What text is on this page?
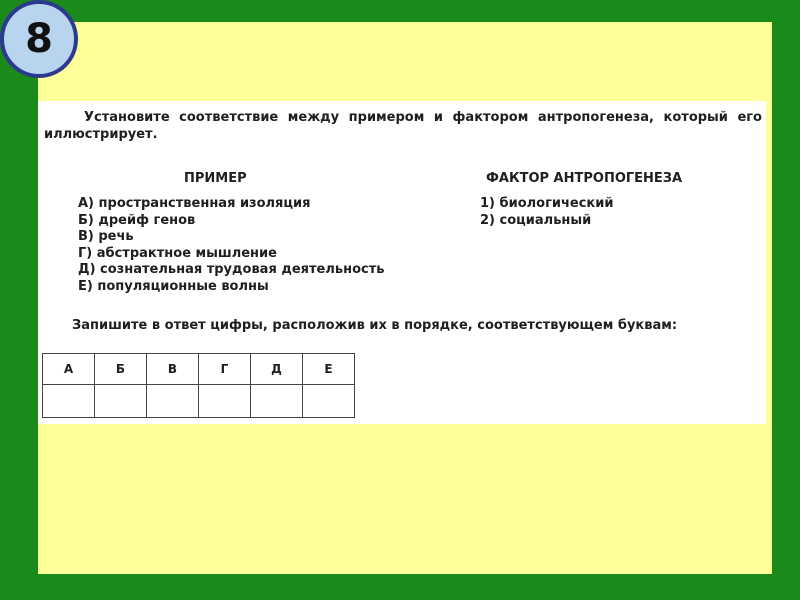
8

Установите соответствие между примером и фактором антропогенеза, который его иллюстрирует.

ПРИМЕР	ФАКТОР АНТРОПОГЕНЕЗА
А) пространственная изоляция
Б) дрейф генов
В) речь
Г) абстрактное мышление
Д) сознательная трудовая деятельность
Е) популяционные волны
1) биологический
2) социальный

Запишите в ответ цифры, расположив их в порядке, соответствующем буквам:

А	Б	В	Г	Д	Е
